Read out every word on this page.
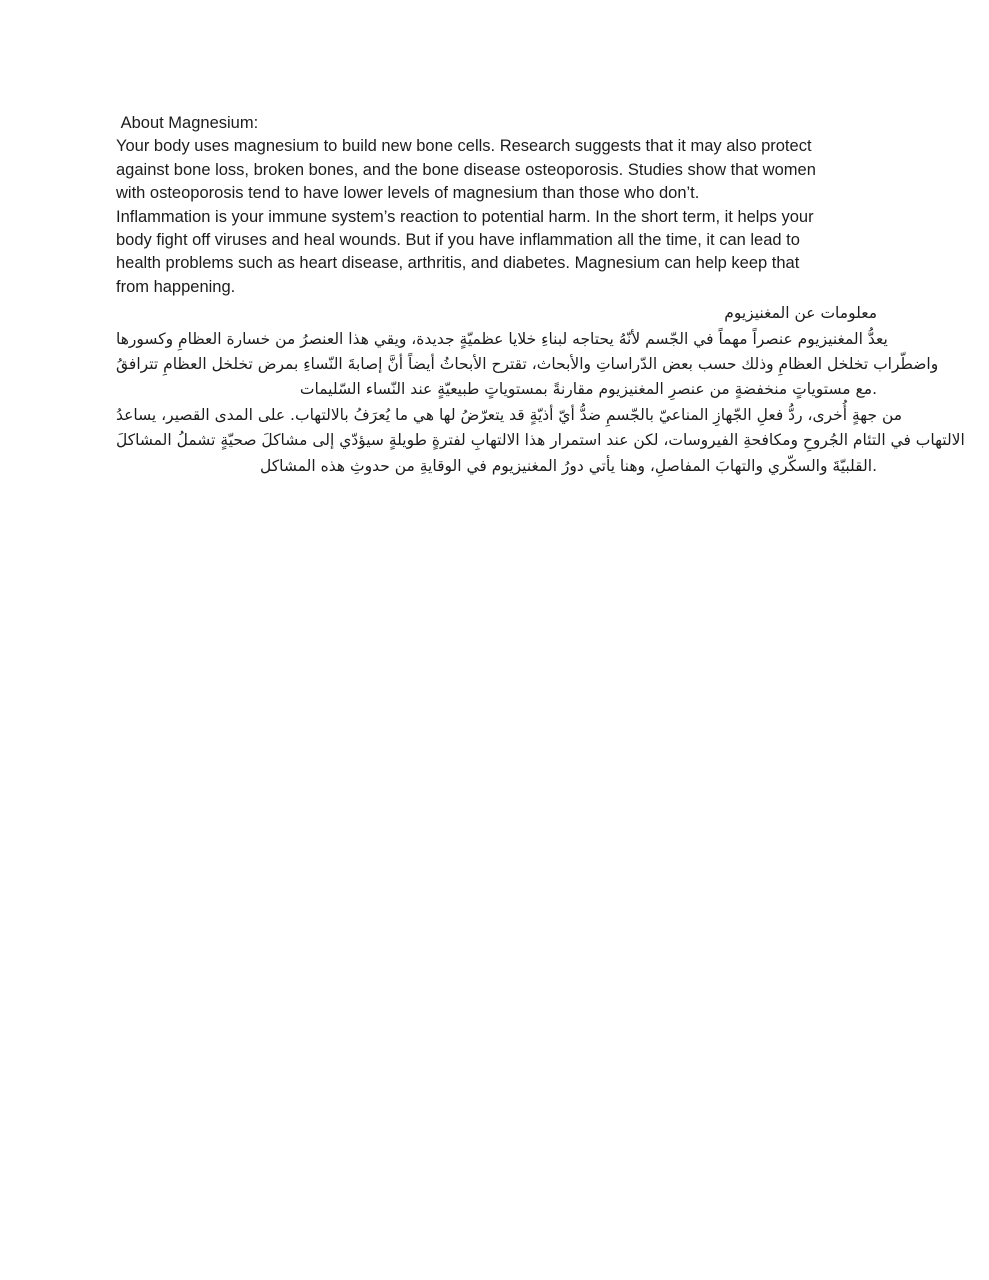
About Magnesium:
Your body uses magnesium to build new bone cells. Research suggests that it may also protect
against bone loss, broken bones, and the bone disease osteoporosis. Studies show that women
with osteoporosis tend to have lower levels of magnesium than those who don’t.
Inflammation is your immune system’s reaction to potential harm. In the short term, it helps your
body fight off viruses and heal wounds. But if you have inflammation all the time, it can lead to
health problems such as heart disease, arthritis, and diabetes. Magnesium can help keep that
from happening.
معلومات عن المغنيزيوم
يعدُّ المغنيزيوم عنصراً مهماً في الجّسم لأنّهُ يحتاجه لبناءِ خلايا عظميّةٍ جديدة، ويقي هذا العنصرُ من خسارة العظامِ وكسورها
واضطّراب تخلخل العظامِ وذلك حسب بعض الدّراساتِ والأبحاث، تقترح الأبحاثُ أيضاً أنَّ إصابةَ النّساءِ بمرض تخلخل العظامِ تترافقُ
مع مستوياتٍ منخفضةٍ من عنصرِ المغنيزيوم مقارنةً بمستوياتٍ طبيعيّةٍ عند النّساء السّليمات.
من جهةٍ أُخرى، ردُّ فعلِ الجّهازِ المناعيّ بالجّسمِ ضدُّ أيّ أذيّةٍ قد يتعرّضُ لها هي ما يُعرَفُ بالالتهاب. على المدى القصير، يساعدُ
الالتهاب في التئام الجُروحِ ومكافحةِ الفيروسات، لكن عند استمرار هذا الالتهابِ لفترةٍ طويلةٍ سيؤدّي إلى مشاكلَ صحيّةٍ تشملُ المشاكلَ
القلبيّةَ والسكّري والتهابَ المفاصلِ، وهنا يأتي دورُ المغنيزيوم في الوقايةِ من حدوثِ هذه المشاكل.
